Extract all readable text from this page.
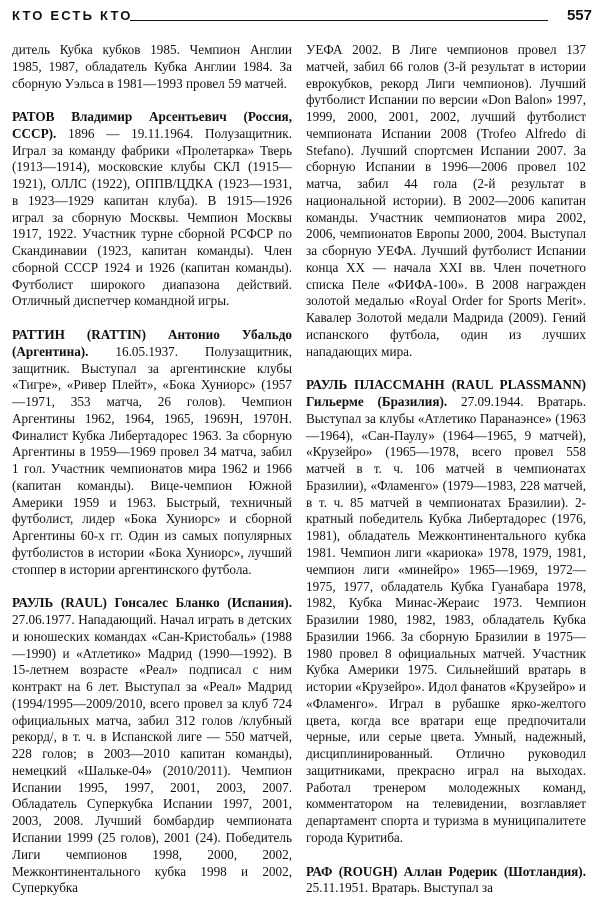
КТО ЕСТЬ КТО	557

дитель Кубка кубков 1985. Чемпион Англии 1985, 1987, обладатель Кубка Англии 1984. За сборную Уэльса в 1981—1993 провел 59 матчей.

РАТОВ Владимир Арсентьевич (Россия, СССР). 1896 — 19.11.1964. Полузащитник. Играл за команду фабрики «Пролетарка» Тверь (1913—1914), московские клубы СКЛ (1915—1921), ОЛЛС (1922), ОППВ/ЦДКА (1923—1931, в 1923—1929 капитан клуба). В 1915—1926 играл за сборную Москвы. Чемпион Москвы 1917, 1922. Участник турне сборной РСФСР по Скандинавии (1923, капитан команды). Член сборной СССР 1924 и 1926 (капитан команды). Футболист широкого диапазона действий. Отличный диспетчер командной игры.

РАТТИН (RATTIN) Антонио Убальдо (Аргентина). 16.05.1937. Полузащитник, защитник. Выступал за аргентинские клубы «Тигре», «Ривер Плейт», «Бока Хуниорс» (1957—1971, 353 матча, 26 голов). Чемпион Аргентины 1962, 1964, 1965, 1969Н, 1970Н. Финалист Кубка Либертадорес 1963. За сборную Аргентины в 1959—1969 провел 34 матча, забил 1 гол. Участник чемпионатов мира 1962 и 1966 (капитан команды). Вице-чемпион Южной Америки 1959 и 1963. Быстрый, техничный футболист, лидер «Бока Хуниорс» и сборной Аргентины 60-х гг. Один из самых популярных футболистов в истории «Бока Хуниорс», лучший стоппер в истории аргентинского футбола.

РАУЛЬ (RAUL) Гонсалес Бланко (Испания). 27.06.1977. Нападающий. Начал играть в детских и юношеских командах «Сан-Кристобаль» (1988—1990) и «Атлетико» Мадрид (1990—1992). В 15-летнем возрасте «Реал» подписал с ним контракт на 6 лет. Выступал за «Реал» Мадрид (1994/1995—2009/2010, всего провел за клуб 724 официальных матча, забил 312 голов /клубный рекорд/, в т. ч. в Испанской лиге — 550 матчей, 228 голов; в 2003—2010 капитан команды), немецкий «Шальке-04» (2010/2011). Чемпион Испании 1995, 1997, 2001, 2003, 2007. Обладатель Суперкубка Испании 1997, 2001, 2003, 2008. Лучший бомбардир чемпионата Испании 1999 (25 голов), 2001 (24). Победитель Лиги чемпионов 1998, 2000, 2002, Межконтинентального кубка 1998 и 2002, Суперкубка

УЕФА 2002. В Лиге чемпионов провел 137 матчей, забил 66 голов (3-й результат в истории еврокубков, рекорд Лиги чемпионов). Лучший футболист Испании по версии «Don Balon» 1997, 1999, 2000, 2001, 2002, лучший футболист чемпионата Испании 2008 (Trofeo Alfredo di Stefano). Лучший спортсмен Испании 2007. За сборную Испании в 1996—2006 провел 102 матча, забил 44 гола (2-й результат в национальной истории). В 2002—2006 капитан команды. Участник чемпионатов мира 2002, 2006, чемпионатов Европы 2000, 2004. Выступал за сборную УЕФА. Лучший футболист Испании конца XX — начала XXI вв. Член почетного списка Пеле «ФИФА-100». В 2008 награжден золотой медалью «Royal Order for Sports Merit». Кавалер Золотой медали Мадрида (2009). Гений испанского футбола, один из лучших нападающих мира.

РАУЛЬ ПЛАССМАНН (RAUL PLASSMANN) Гильерме (Бразилия). 27.09.1944. Вратарь. Выступал за клубы «Атлетико Паранаэнсе» (1963—1964), «Сан-Паулу» (1964—1965, 9 матчей), «Крузейро» (1965—1978, всего провел 558 матчей в т. ч. 106 матчей в чемпионатах Бразилии), «Фламенго» (1979—1983, 228 матчей, в т. ч. 85 матчей в чемпионатах Бразилии). 2-кратный победитель Кубка Либертадорес (1976, 1981), обладатель Межконтинентального кубка 1981. Чемпион лиги «кариока» 1978, 1979, 1981, чемпион лиги «минейро» 1965—1969, 1972—1975, 1977, обладатель Кубка Гуанабара 1978, 1982, Кубка Минас-Жераис 1973. Чемпион Бразилии 1980, 1982, 1983, обладатель Кубка Бразилии 1966. За сборную Бразилии в 1975—1980 провел 8 официальных матчей. Участник Кубка Америки 1975. Сильнейший вратарь в истории «Крузейро». Идол фанатов «Крузейро» и «Фламенго». Играл в рубашке ярко-желтого цвета, когда все вратари еще предпочитали черные, или серые цвета. Умный, надежный, дисциплинированный. Отлично руководил защитниками, прекрасно играл на выходах. Работал тренером молодежных команд, комментатором на телевидении, возглавляет департамент спорта и туризма в муниципалитете города Куритиба.

РАФ (ROUGH) Аллан Родерик (Шотландия). 25.11.1951. Вратарь. Выступал за
